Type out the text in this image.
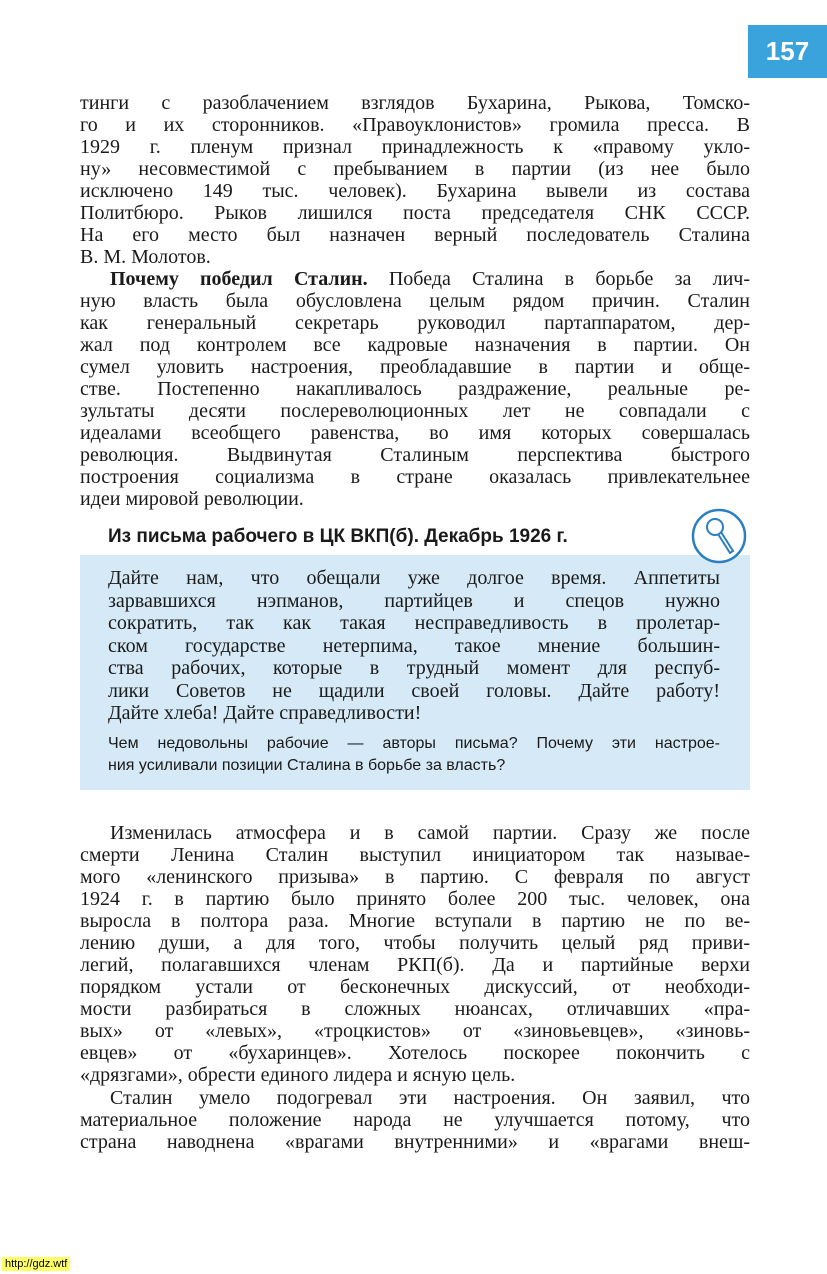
157
тинги с разоблачением взглядов Бухарина, Рыкова, Томско-
го и их сторонников. «Правоуклонистов» громила пресса. В
1929 г. пленум признал принадлежность к «правому укло-
ну» несовместимой с пребыванием в партии (из нее было
исключено 149 тыс. человек). Бухарина вывели из состава
Политбюро. Рыков лишился поста председателя СНК СССР.
На его место был назначен верный последователь Сталина
В. М. Молотов.
Почему победил Сталин. Победа Сталина в борьбе за лич-
ную власть была обусловлена целым рядом причин. Сталин
как генеральный секретарь руководил партаппаратом, дер-
жал под контролем все кадровые назначения в партии. Он
сумел уловить настроения, преобладавшие в партии и обще-
стве. Постепенно накапливалось раздражение, реальные ре-
зультаты десяти послереволюционных лет не совпадали с
идеалами всеобщего равенства, во имя которых совершалась
революция. Выдвинутая Сталиным перспектива быстрого
построения социализма в стране оказалась привлекательнее
идеи мировой революции.
Из письма рабочего в ЦК ВКП(б). Декабрь 1926 г.
Дайте нам, что обещали уже долгое время. Аппетиты
зарвавшихся нэпманов, партийцев и спецов нужно
сократить, так как такая несправедливость в пролетар-
ском государстве нетерпима, такое мнение большин-
ства рабочих, которые в трудный момент для респуб-
лики Советов не щадили своей головы. Дайте работу!
Дайте хлеба! Дайте справедливости!
Чем недовольны рабочие — авторы письма? Почему эти настрое-
ния усиливали позиции Сталина в борьбе за власть?
Изменилась атмосфера и в самой партии. Сразу же после
смерти Ленина Сталин выступил инициатором так называе-
мого «ленинского призыва» в партию. С февраля по август
1924 г. в партию было принято более 200 тыс. человек, она
выросла в полтора раза. Многие вступали в партию не по ве-
лению души, а для того, чтобы получить целый ряд приви-
легий, полагавшихся членам РКП(б). Да и партийные верхи
порядком устали от бесконечных дискуссий, от необходи-
мости разбираться в сложных нюансах, отличавших «пра-
вых» от «левых», «троцкистов» от «зиновьевцев», «зиновь-
евцев» от «бухаринцев». Хотелось поскорее покончить с
«дрязгами», обрести единого лидера и ясную цель.
Сталин умело подогревал эти настроения. Он заявил, что
материальное положение народа не улучшается потому, что
страна наводнена «врагами внутренними» и «врагами внеш-
http://gdz.wtf
